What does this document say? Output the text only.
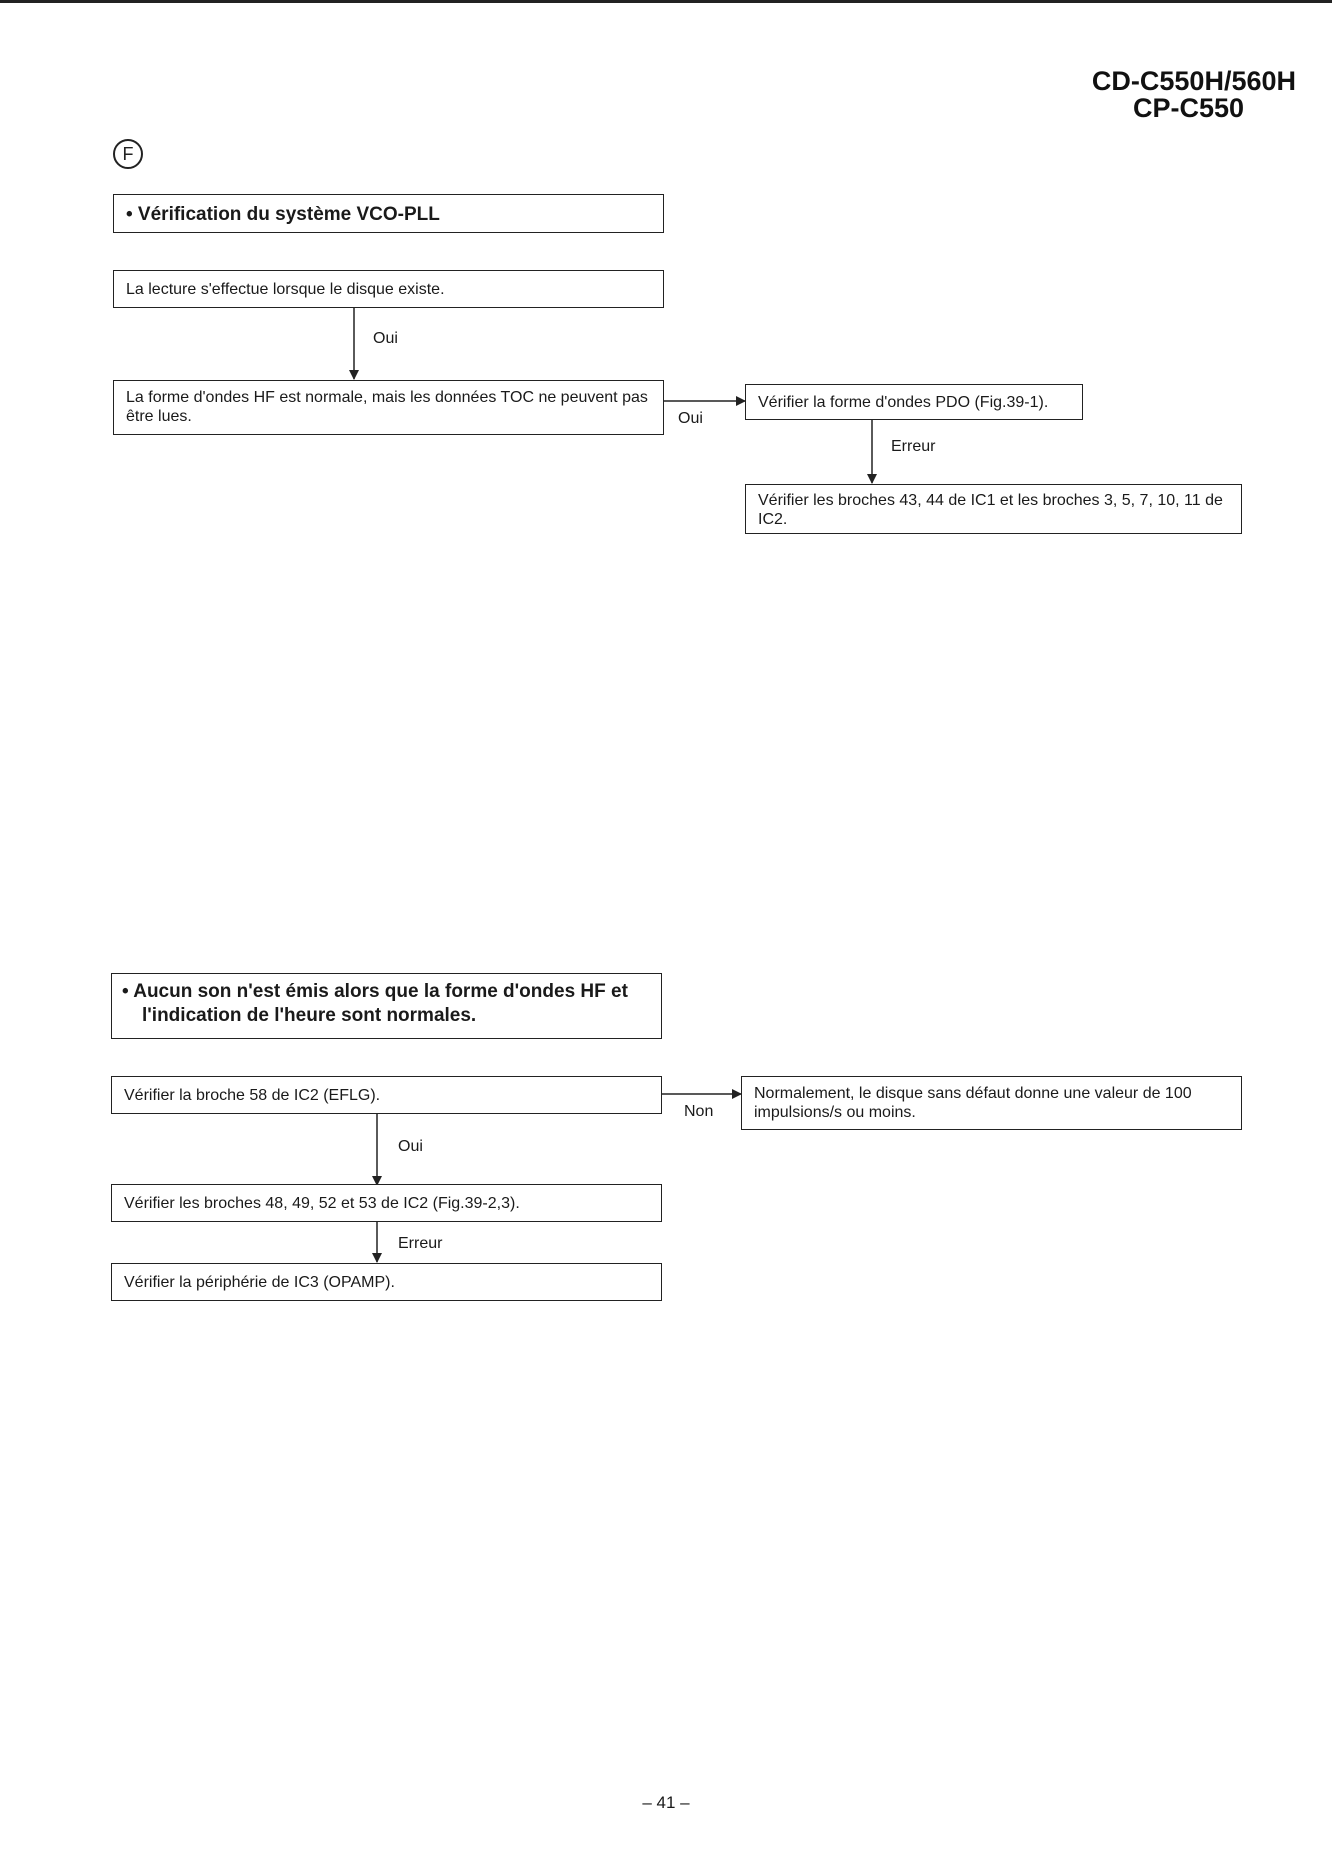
CD-C550H/560H
CP-C550
F
• Vérification du système VCO-PLL
La lecture s'effectue lorsque le disque existe.
Oui
La forme d'ondes HF est normale, mais les données TOC ne peuvent pas être lues.	Oui
Vérifier la forme d'ondes PDO (Fig.39-1).
Erreur
Vérifier les broches 43, 44 de IC1 et les broches 3, 5, 7, 10, 11 de IC2.
• Aucun son n'est émis alors que la forme d'ondes HF et l'indication de l'heure sont normales.
Vérifier la broche 58 de IC2 (EFLG).
Non
Normalement, le disque sans défaut donne une valeur de 100 impulsions/s ou moins.
Oui
Vérifier les broches 48, 49, 52 et 53 de IC2 (Fig.39-2,3).
Erreur
Vérifier la périphérie de IC3 (OPAMP).
– 41 –
